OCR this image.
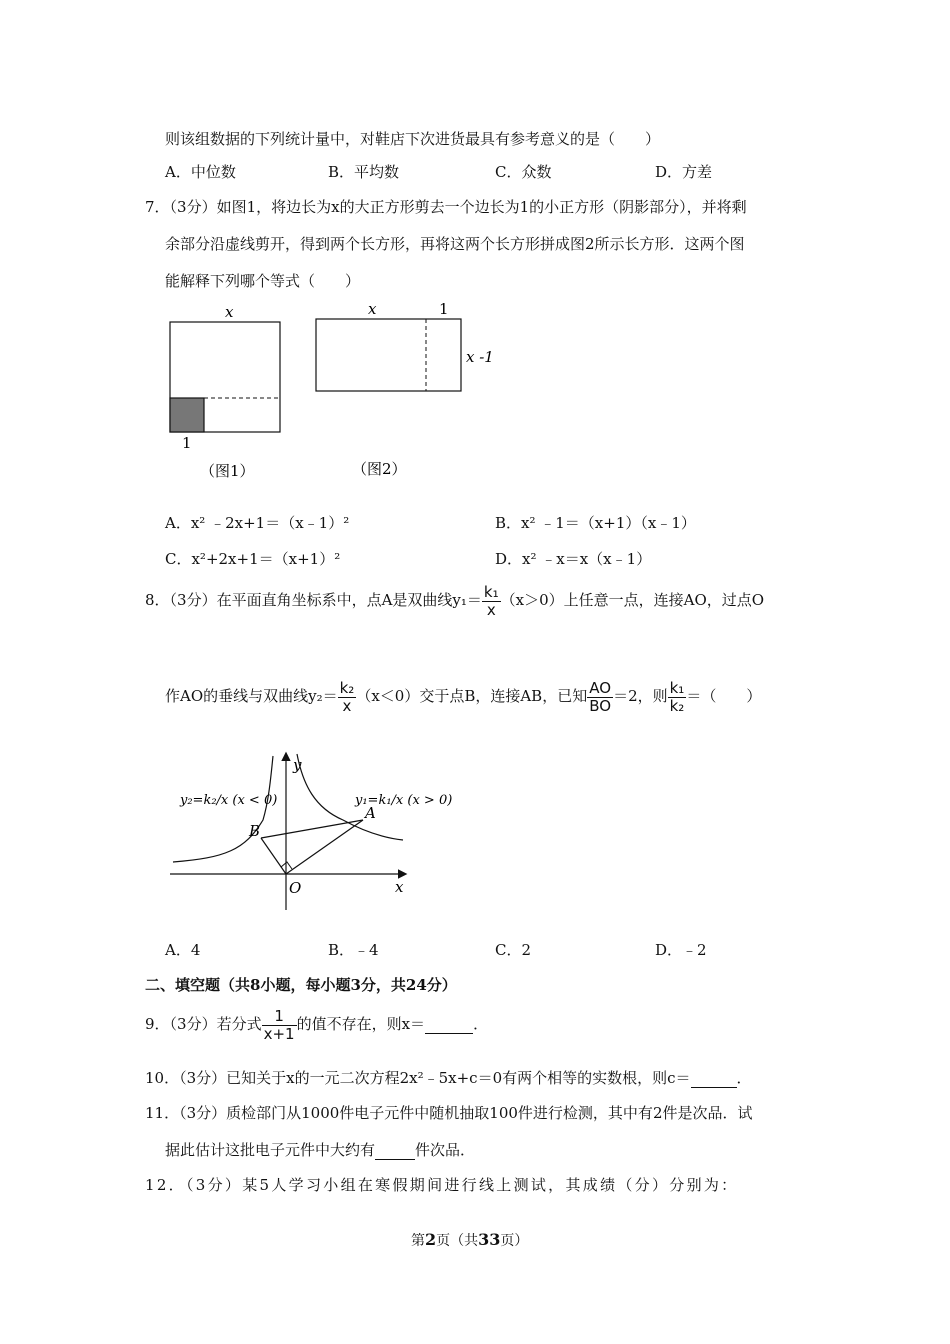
则该组数据的下列统计量中，对鞋店下次进货最具有参考意义的是（　　）
A．中位数	B．平均数	C．众数	D．方差
7．（3分）如图1，将边长为x的大正方形剪去一个边长为1的小正方形（阴影部分），并将剩
余部分沿虚线剪开，得到两个长方形，再将这两个长方形拼成图2所示长方形．这两个图
能解释下列哪个等式（　　）
x
1
（图1）
x	1
x -1
（图2）
A．x² ﹣2x+1＝（x﹣1）²	B．x² ﹣1＝（x+1）（x﹣1）
C．x²+2x+1＝（x+1）²	D．x² ﹣x＝x（x﹣1）
8．（3分）在平面直角坐标系中，点A是双曲线$y_1= \frac{\text{k₁}}{x} (x>0)$上任意一点，连接AO，过点O
作AO的垂线与双曲线$y_2= \frac{\text{k₂}}{x} (x<0)$交于点B，连接AB，已知 $\frac{AO}{BO} =2$，则 $\frac{\text{k₁}}{\text{k₂}}$ ＝（　　）
y
x
O
A
B
y₂=k₂/x (x < 0)	y₁=k₁/x (x > 0)
A．4	B．﹣4	C．2	D．﹣2
二、填空题（共8小题，每小题3分，共24分）
9．（3分）若分式 $\frac{1}{x+1}$ 的值不存在，则x＝	．
10．（3分）已知关于x的一元二次方程2x²﹣5x+c＝0有两个相等的实数根，则c＝	．
11．（3分）质检部门从1000件电子元件中随机抽取100件进行检测，其中有2件是次品．试
据此估计这批电子元件中大约有	件次品．
12．（3分）某5人学习小组在寒假期间进行线上测试，其成绩（分）分别为：
第2页（共33页）
